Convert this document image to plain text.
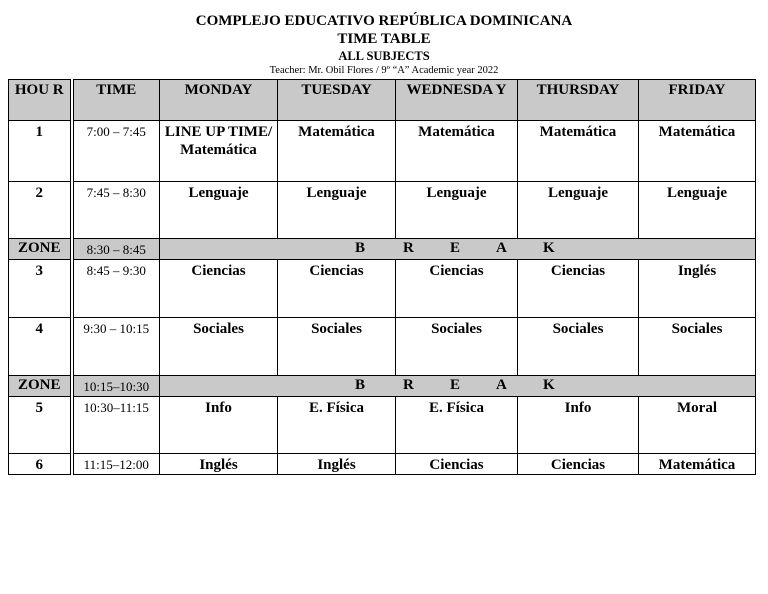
COMPLEJO EDUCATIVO REPÚBLICA DOMINICANA
TIME TABLE
ALL SUBJECTS
Teacher: Mr. Obil Flores / 9º “A” Academic year 2022
HOU R	TIME	MONDAY	TUESDAY	WEDNESDA Y	THURSDAY	FRIDAY
1	7:00 – 7:45	LINE UP TIME/ Matemática	Matemática	Matemática	Matemática	Matemática
2	7:45 – 8:30	Lenguaje	Lenguaje	Lenguaje	Lenguaje	Lenguaje
ZONE	8:30 – 8:45	B R E A K				

3	8:45 – 9:30	Ciencias	Ciencias	Ciencias	Ciencias	Inglés
4	9:30 – 10:15	Sociales	Sociales	Sociales	Sociales	Sociales
ZONE	10:15–10:30	B R E A K				

5	10:30–11:15	Info	E. Física	E. Física	Info	Moral
6	11:15–12:00	Inglés	Inglés	Ciencias	Ciencias	Matemática
